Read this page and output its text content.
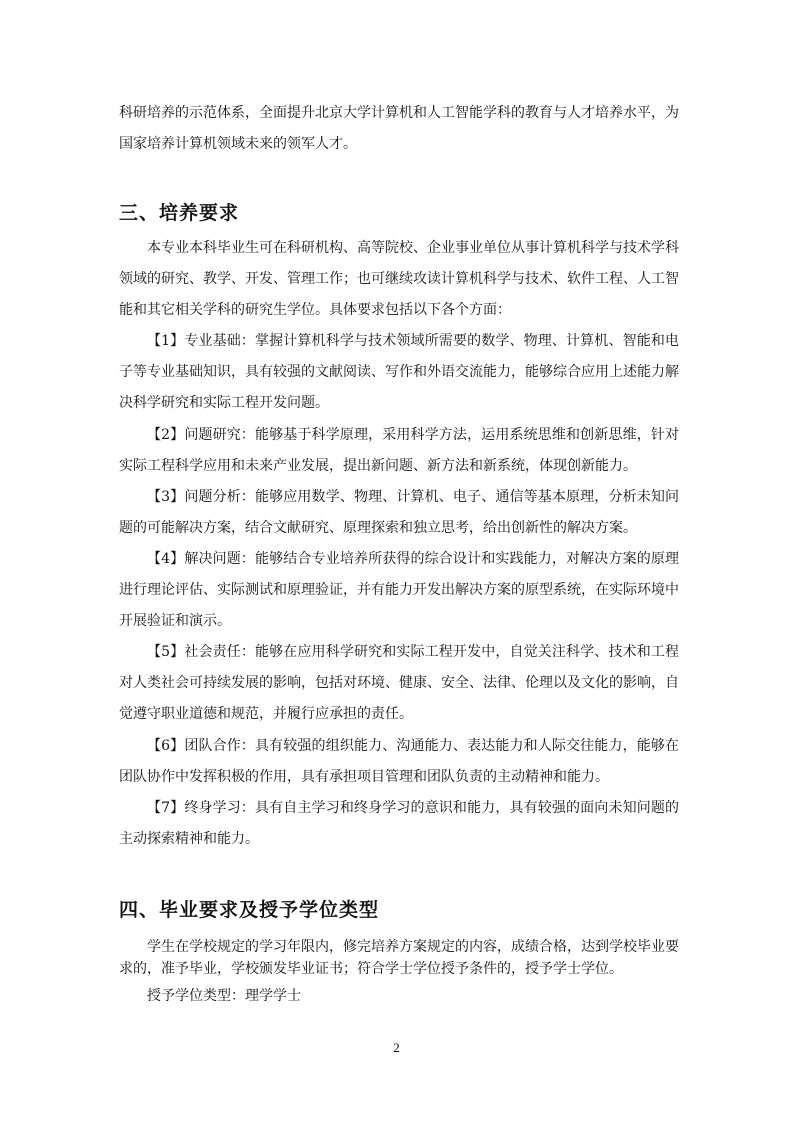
科研培养的示范体系，全面提升北京大学计算机和人工智能学科的教育与人才培养水平，为国家培养计算机领域未来的领军人才。

三、培养要求

本专业本科毕业生可在科研机构、高等院校、企业事业单位从事计算机科学与技术学科领域的研究、教学、开发、管理工作；也可继续攻读计算机科学与技术、软件工程、人工智能和其它相关学科的研究生学位。具体要求包括以下各个方面：

【1】专业基础：掌握计算机科学与技术领域所需要的数学、物理、计算机、智能和电子等专业基础知识，具有较强的文献阅读、写作和外语交流能力，能够综合应用上述能力解决科学研究和实际工程开发问题。

【2】问题研究：能够基于科学原理，采用科学方法，运用系统思维和创新思维，针对实际工程科学应用和未来产业发展，提出新问题、新方法和新系统，体现创新能力。

【3】问题分析：能够应用数学、物理、计算机、电子、通信等基本原理，分析未知问题的可能解决方案，结合文献研究、原理探索和独立思考，给出创新性的解决方案。

【4】解决问题：能够结合专业培养所获得的综合设计和实践能力，对解决方案的原理进行理论评估、实际测试和原理验证，并有能力开发出解决方案的原型系统，在实际环境中开展验证和演示。

【5】社会责任：能够在应用科学研究和实际工程开发中，自觉关注科学、技术和工程对人类社会可持续发展的影响，包括对环境、健康、安全、法律、伦理以及文化的影响，自觉遵守职业道德和规范，并履行应承担的责任。

【6】团队合作：具有较强的组织能力、沟通能力、表达能力和人际交往能力，能够在团队协作中发挥积极的作用，具有承担项目管理和团队负责的主动精神和能力。

【7】终身学习：具有自主学习和终身学习的意识和能力，具有较强的面向未知问题的主动探索精神和能力。

四、毕业要求及授予学位类型

学生在学校规定的学习年限内，修完培养方案规定的内容，成绩合格，达到学校毕业要求的，准予毕业，学校颁发毕业证书；符合学士学位授予条件的，授予学士学位。

授予学位类型：理学学士

2
